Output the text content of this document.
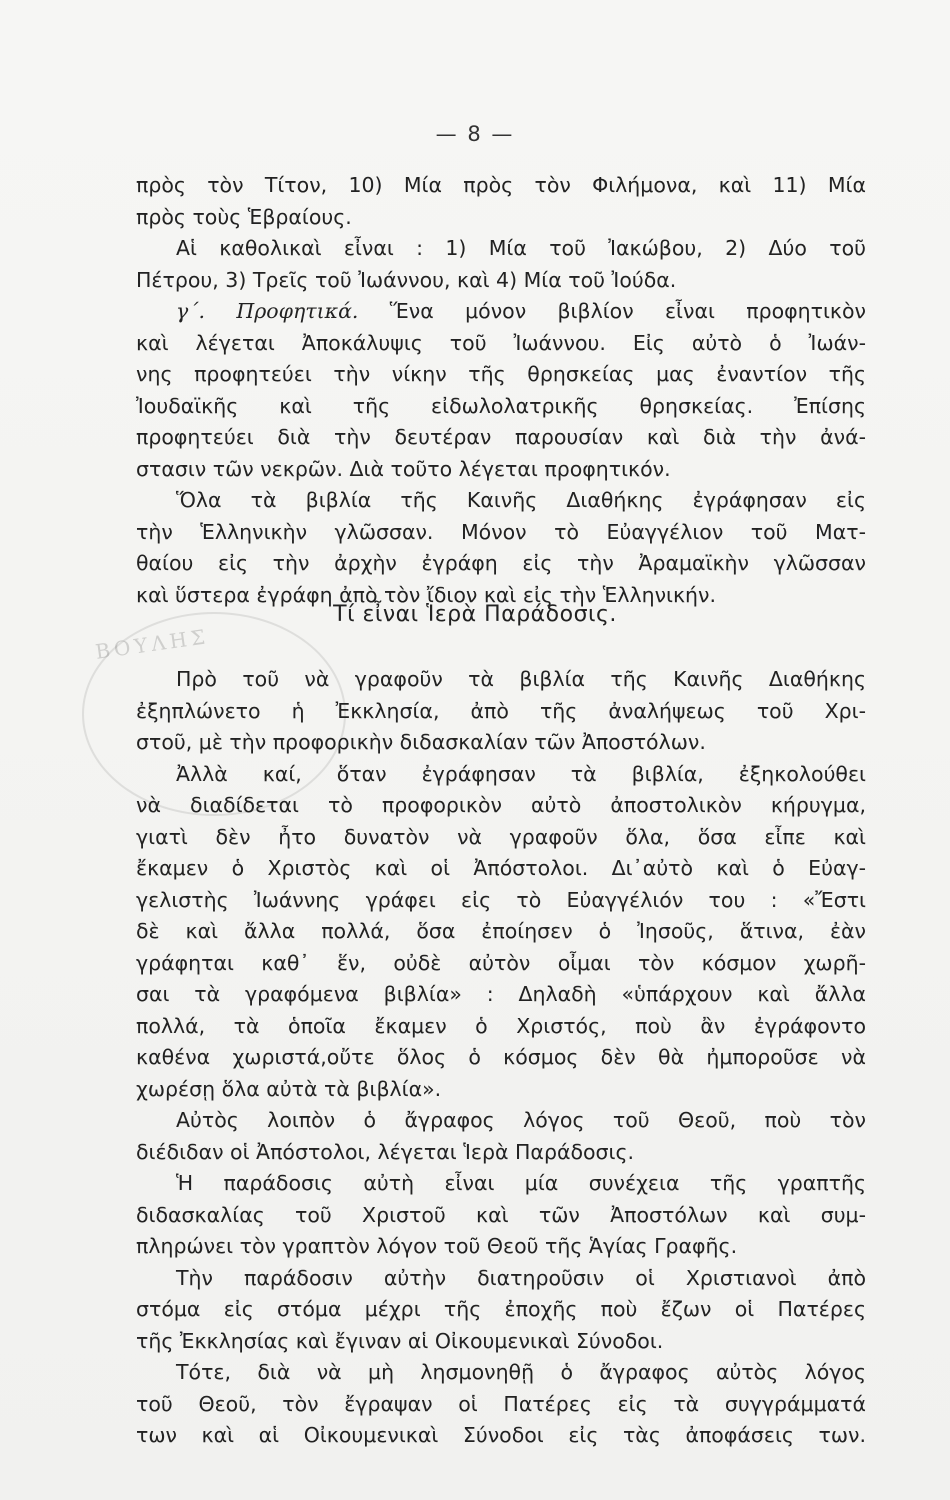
— 8 —
πρὸς τὸν Τίτον, 10) Μία πρὸς τὸν Φιλήμονα, καὶ 11) Μία
πρὸς τοὺς Ἑβραίους.
Αἱ καθολικαὶ εἶναι : 1) Μία τοῦ Ἰακώβου, 2) Δύο τοῦ
Πέτρου, 3) Τρεῖς τοῦ Ἰωάννου, καὶ 4) Μία τοῦ Ἰούδα.
γ΄. Προφητικά. Ἕνα μόνον βιβλίον εἶναι προφητικὸν
καὶ λέγεται Ἀποκάλυψις τοῦ Ἰωάννου. Εἰς αὐτὸ ὁ Ἰωάν-
νης προφητεύει τὴν νίκην τῆς θρησκείας μας ἐναντίον τῆς
Ἰουδαϊκῆς καὶ τῆς εἰδωλολατρικῆς θρησκείας. Ἐπίσης
προφητεύει διὰ τὴν δευτέραν παρουσίαν καὶ διὰ τὴν ἀνά-
στασιν τῶν νεκρῶν. Διὰ τοῦτο λέγεται προφητικόν.
Ὅλα τὰ βιβλία τῆς Καινῆς Διαθήκης ἐγράφησαν εἰς
τὴν Ἑλληνικὴν γλῶσσαν. Μόνον τὸ Εὐαγγέλιον τοῦ Ματ-
θαίου εἰς τὴν ἀρχὴν ἐγράφη εἰς τὴν Ἀραμαϊκὴν γλῶσσαν
καὶ ὕστερα ἐγράφη ἀπὸ τὸν ἴδιον καὶ εἰς τὴν Ἑλληνικήν.
ΒΟΥΛΗΣ
Τί εἶναι Ἱερὰ Παράδοσις.
Πρὸ τοῦ νὰ γραφοῦν τὰ βιβλία τῆς Καινῆς Διαθήκης
ἐξηπλώνετο ἡ Ἐκκλησία, ἀπὸ τῆς ἀναλήψεως τοῦ Χρι-
στοῦ, μὲ τὴν προφορικὴν διδασκαλίαν τῶν Ἀποστόλων.
Ἀλλὰ καί, ὅταν ἐγράφησαν τὰ βιβλία, ἐξηκολούθει
νὰ διαδίδεται τὸ προφορικὸν αὐτὸ ἀποστολικὸν κήρυγμα,
γιατὶ δὲν ἦτο δυνατὸν νὰ γραφοῦν ὅλα, ὅσα εἶπε καὶ
ἔκαμεν ὁ Χριστὸς καὶ οἱ Ἀπόστολοι. Δι᾽αὐτὸ καὶ ὁ Εὐαγ-
γελιστὴς Ἰωάννης γράφει εἰς τὸ Εὐαγγέλιόν του : «Ἔστι
δὲ καὶ ἄλλα πολλά, ὅσα ἐποίησεν ὁ Ἰησοῦς, ἅτινα, ἐὰν
γράφηται καθ᾽ ἕν, οὐδὲ αὐτὸν οἶμαι τὸν κόσμον χωρῆ-
σαι τὰ γραφόμενα βιβλία» : Δηλαδὴ «ὑπάρχουν καὶ ἄλλα
πολλά, τὰ ὁποῖα ἔκαμεν ὁ Χριστός, ποὺ ἂν ἐγράφοντο
καθένα χωριστά,οὔτε ὅλος ὁ κόσμος δὲν θὰ ἠμποροῦσε νὰ
χωρέσῃ ὅλα αὐτὰ τὰ βιβλία».
Αὐτὸς λοιπὸν ὁ ἄγραφος λόγος τοῦ Θεοῦ, ποὺ τὸν
διέδιδαν οἱ Ἀπόστολοι, λέγεται Ἱερὰ Παράδοσις.
Ἡ παράδοσις αὐτὴ εἶναι μία συνέχεια τῆς γραπτῆς
διδασκαλίας τοῦ Χριστοῦ καὶ τῶν Ἀποστόλων καὶ συμ-
πληρώνει τὸν γραπτὸν λόγον τοῦ Θεοῦ τῆς Ἁγίας Γραφῆς.
Τὴν παράδοσιν αὐτὴν διατηροῦσιν οἱ Χριστιανοὶ ἀπὸ
στόμα εἰς στόμα μέχρι τῆς ἐποχῆς ποὺ ἔζων οἱ Πατέρες
τῆς Ἐκκλησίας καὶ ἔγιναν αἱ Οἰκουμενικαὶ Σύνοδοι.
Τότε, διὰ νὰ μὴ λησμονηθῇ ὁ ἄγραφος αὐτὸς λόγος
τοῦ Θεοῦ, τὸν ἔγραψαν οἱ Πατέρες εἰς τὰ συγγράμματά
των καὶ αἱ Οἰκουμενικαὶ Σύνοδοι εἰς τὰς ἀποφάσεις των.
